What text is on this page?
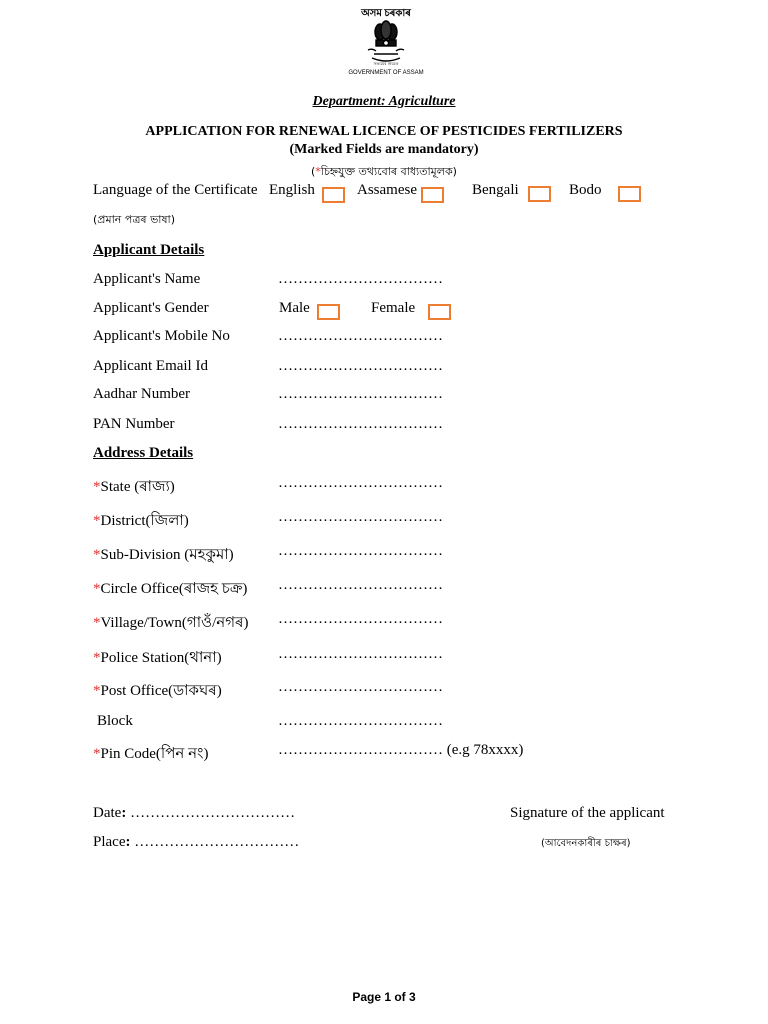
অসম চৰকাৰ
সত্যমেব জয়তে
GOVERNMENT OF ASSAM
Department: Agriculture
APPLICATION FOR RENEWAL LICENCE OF PESTICIDES FERTILIZERS
(Marked Fields are mandatory)
(*চিহ্নযুক্ত তথ্যবোৰ বাধ্যতামূলক)
Language of the Certificate English	Assamese	Bengali	Bodo
(প্ৰমান পত্ৰৰ ভাষা)
Applicant Details
Applicant's Name	……………………………
Applicant's Gender	Male	Female
Applicant's Mobile No	……………………………
Applicant Email Id	……………………………
Aadhar Number	……………………………
PAN Number	……………………………
Address Details
*State (ৰাজ্য)	……………………………
*District(জিলা)	……………………………
*Sub-Division (মহকুমা)	……………………………
*Circle Office(ৰাজহ চক্ৰ) ……………………………
*Village/Town(গাওঁ/নগৰ) ……………………………
*Police Station(থানা)	……………………………
*Post Office(ডাকঘৰ)	……………………………
Block	……………………………
*Pin Code(পিন নং)	…………………………… (e.g 78xxxx)
Date: ……………………………	Signature of the applicant
Place: ……………………………	(আবেদনকাৰীৰ চাক্ষৰ)
Page 1 of 3
